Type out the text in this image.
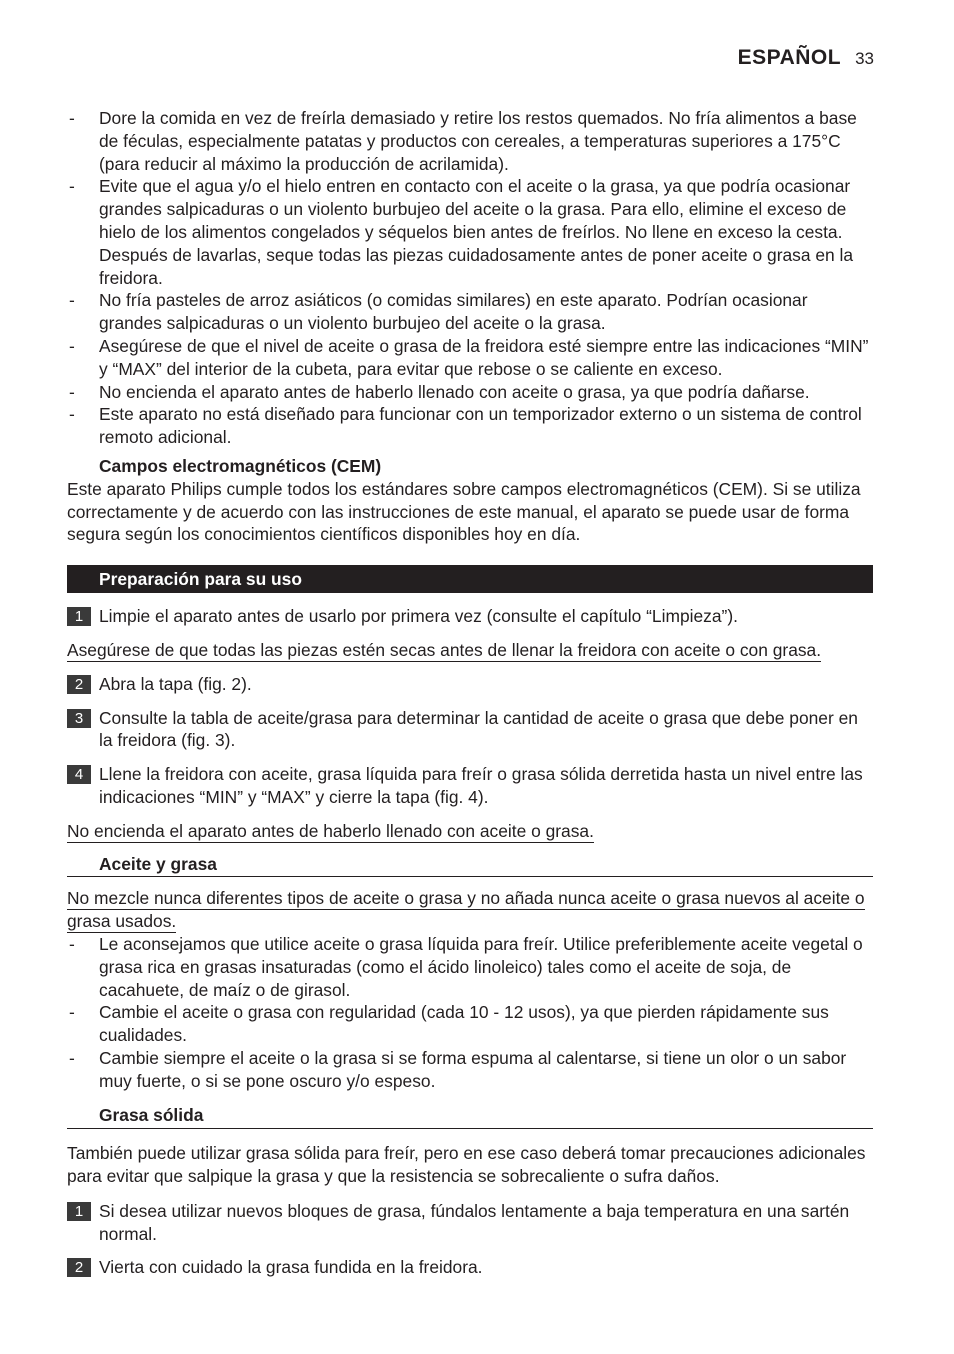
ESPAÑOL 33
- Dore la comida en vez de freírla demasiado y retire los restos quemados. No fría alimentos a base de féculas, especialmente patatas y productos con cereales, a temperaturas superiores a 175°C (para reducir al máximo la producción de acrilamida).
- Evite que el agua y/o el hielo entren en contacto con el aceite o la grasa, ya que podría ocasionar grandes salpicaduras o un violento burbujeo del aceite o la grasa. Para ello, elimine el exceso de hielo de los alimentos congelados y séquelos bien antes de freírlos. No llene en exceso la cesta. Después de lavarlas, seque todas las piezas cuidadosamente antes de poner aceite o grasa en la freidora.
- No fría pasteles de arroz asiáticos (o comidas similares) en este aparato. Podrían ocasionar grandes salpicaduras o un violento burbujeo del aceite o la grasa.
- Asegúrese de que el nivel de aceite o grasa de la freidora esté siempre entre las indicaciones “MIN” y “MAX” del interior de la cubeta, para evitar que rebose o se caliente en exceso.
- No encienda el aparato antes de haberlo llenado con aceite o grasa, ya que podría dañarse.
- Este aparato no está diseñado para funcionar con un temporizador externo o un sistema de control remoto adicional.
Campos electromagnéticos (CEM)

Este aparato Philips cumple todos los estándares sobre campos electromagnéticos (CEM). Si se utiliza correctamente y de acuerdo con las instrucciones de este manual, el aparato se puede usar de forma segura según los conocimientos científicos disponibles hoy en día.

Preparación para su uso
1 Limpie el aparato antes de usarlo por primera vez (consulte el capítulo “Limpieza”).

Asegúrese de que todas las piezas estén secas antes de llenar la freidora con aceite o con grasa.

2 Abra la tapa (fig. 2).
3 Consulte la tabla de aceite/grasa para determinar la cantidad de aceite o grasa que debe poner en la freidora (fig. 3).
4 Llene la freidora con aceite, grasa líquida para freír o grasa sólida derretida hasta un nivel entre las indicaciones “MIN” y “MAX” y cierre la tapa (fig. 4).

No encienda el aparato antes de haberlo llenado con aceite o grasa.

Aceite y grasa

No mezcle nunca diferentes tipos de aceite o grasa y no añada nunca aceite o grasa nuevos al aceite o grasa usados.

- Le aconsejamos que utilice aceite o grasa líquida para freír. Utilice preferiblemente aceite vegetal o grasa rica en grasas insaturadas (como el ácido linoleico) tales como el aceite de soja, de cacahuete, de maíz o de girasol.
- Cambie el aceite o grasa con regularidad (cada 10 - 12 usos), ya que pierden rápidamente sus cualidades.
- Cambie siempre el aceite o la grasa si se forma espuma al calentarse, si tiene un olor o un sabor muy fuerte, o si se pone oscuro y/o espeso.
Grasa sólida

También puede utilizar grasa sólida para freír, pero en ese caso deberá tomar precauciones adicionales para evitar que salpique la grasa y que la resistencia se sobrecaliente o sufra daños.

1 Si desea utilizar nuevos bloques de grasa, fúndalos lentamente a baja temperatura en una sartén normal.
2 Vierta con cuidado la grasa fundida en la freidora.
